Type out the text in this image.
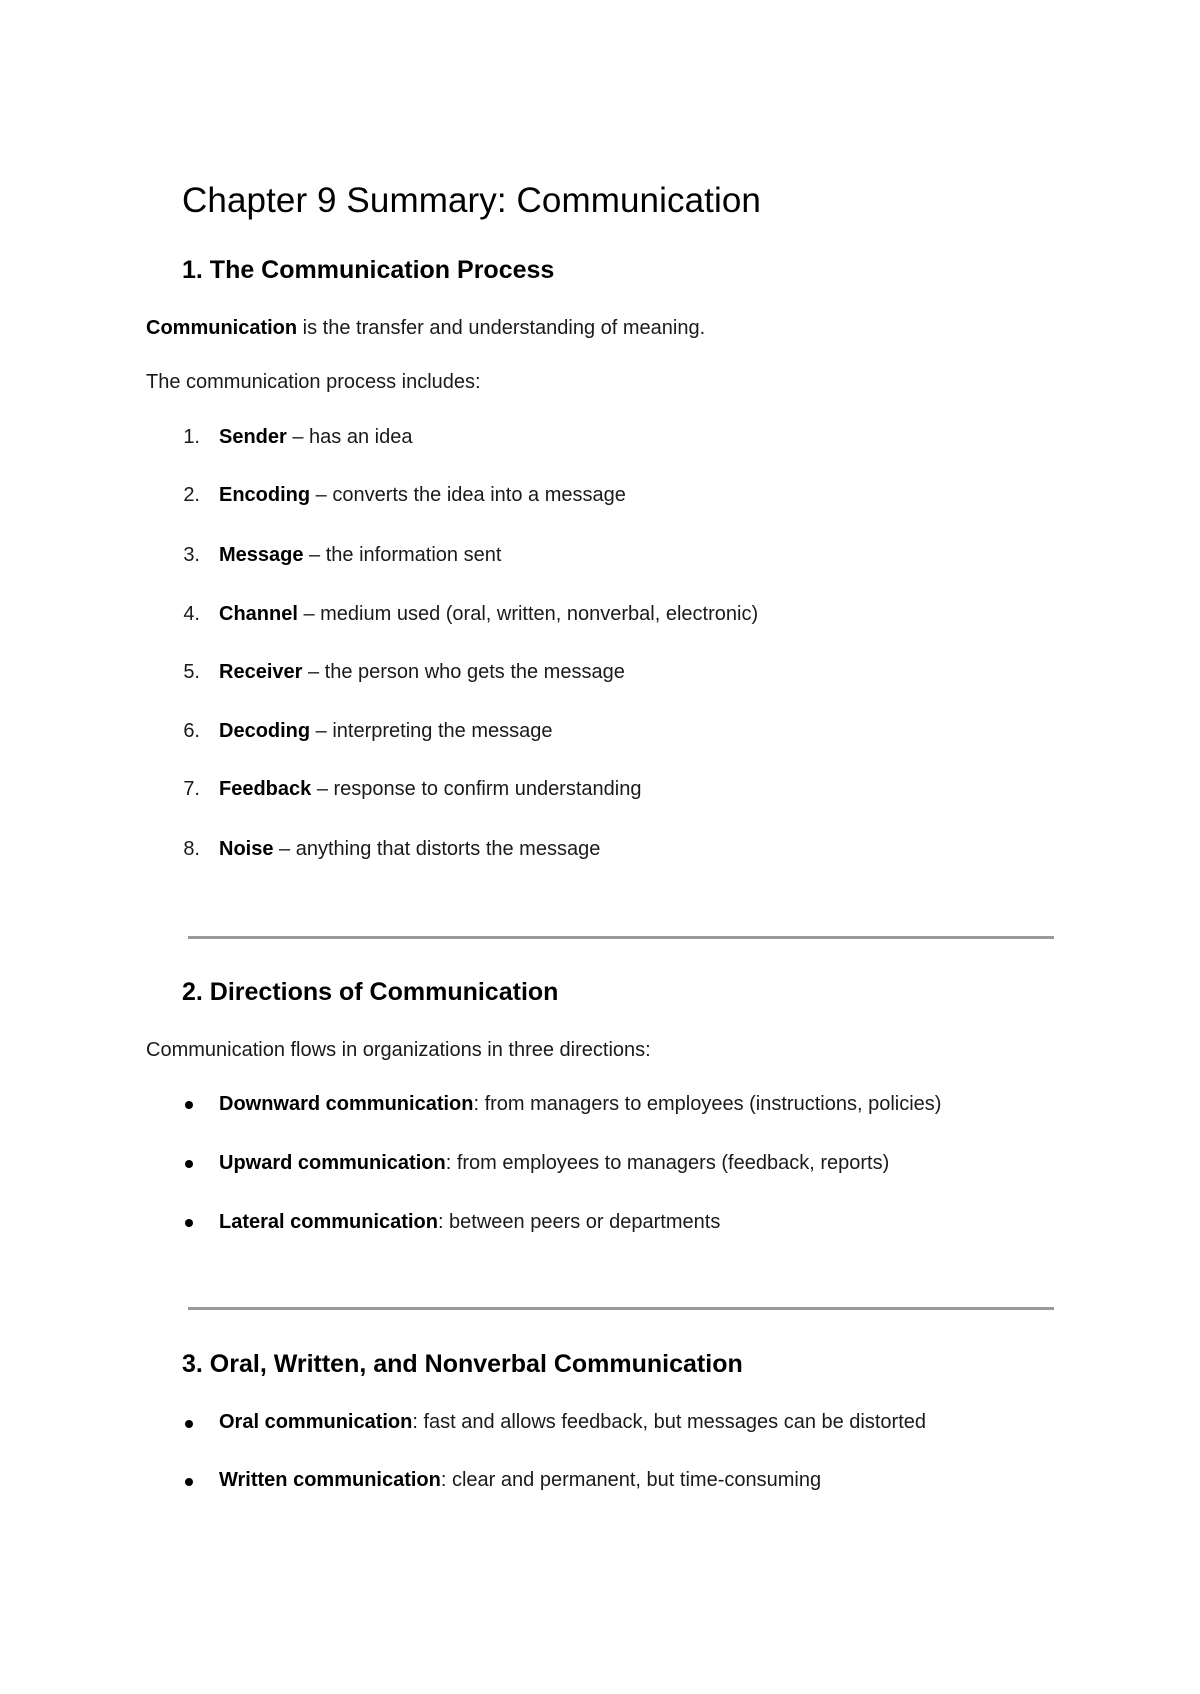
Chapter 9 Summary: Communication
1. The Communication Process
Communication is the transfer and understanding of meaning.
The communication process includes:
1. Sender – has an idea
2. Encoding – converts the idea into a message
3. Message – the information sent
4. Channel – medium used (oral, written, nonverbal, electronic)
5. Receiver – the person who gets the message
6. Decoding – interpreting the message
7. Feedback – response to confirm understanding
8. Noise – anything that distorts the message
2. Directions of Communication
Communication flows in organizations in three directions:
Downward communication: from managers to employees (instructions, policies)
Upward communication: from employees to managers (feedback, reports)
Lateral communication: between peers or departments
3. Oral, Written, and Nonverbal Communication
Oral communication: fast and allows feedback, but messages can be distorted
Written communication: clear and permanent, but time-consuming
